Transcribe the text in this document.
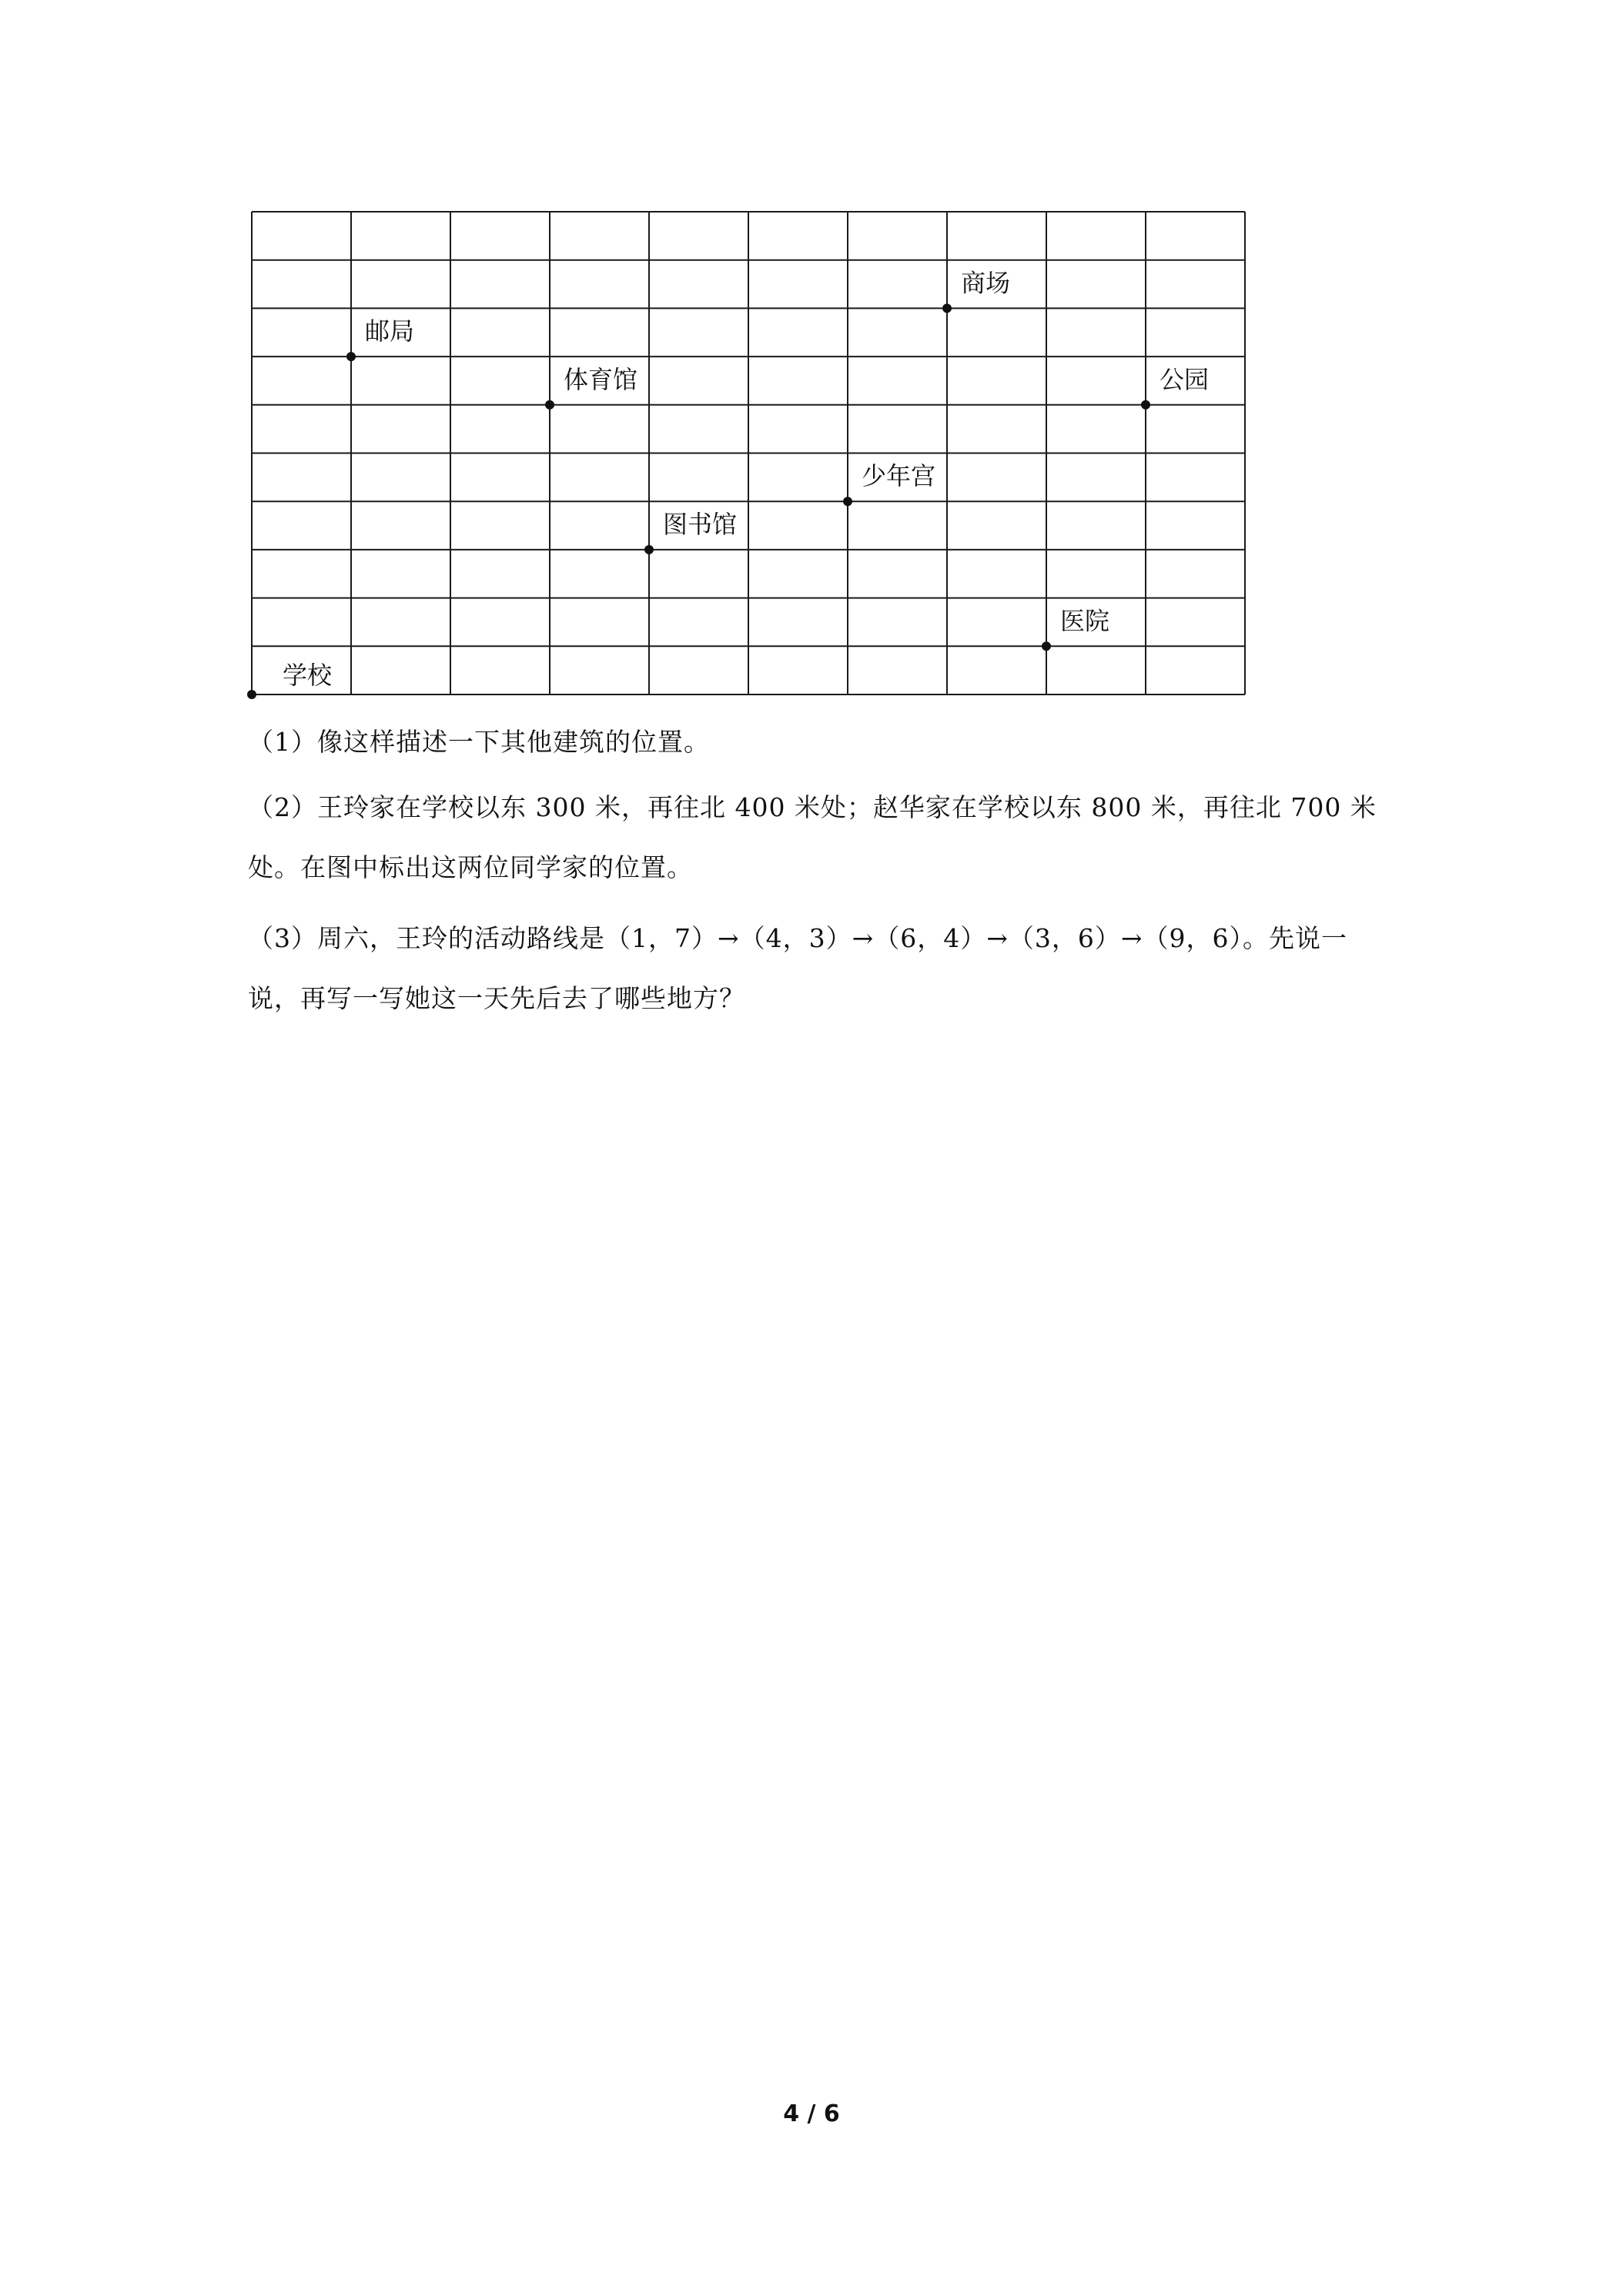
学校
邮局
体育馆
图书馆
少年宫
商场
公园
医院

（1）像这样描述一下其他建筑的位置。

（2）王玲家在学校以东 300 米，再往北 400 米处；赵华家在学校以东 800 米，再往北 700 米处。在图中标出这两位同学家的位置。

（3）周六，王玲的活动路线是（1，7）→（4，3）→（6，4）→（3，6）→（9，6）。先说一说，再写一写她这一天先后去了哪些地方？

4 / 6
